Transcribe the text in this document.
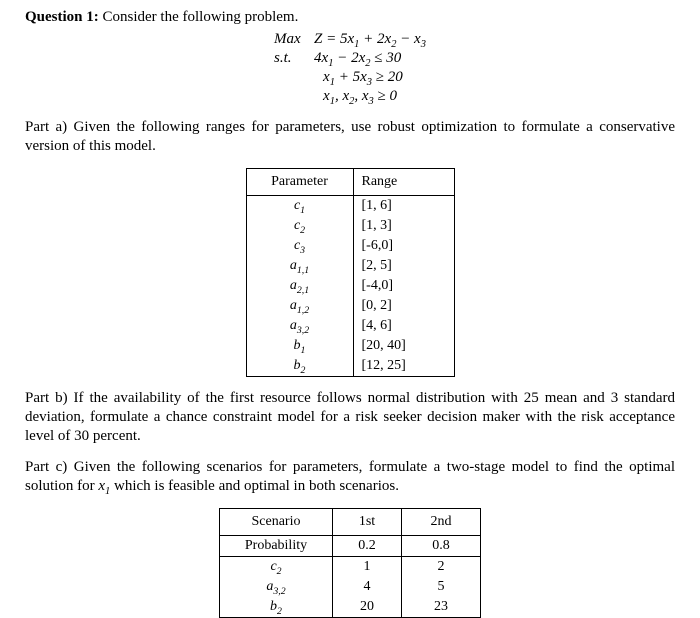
Question 1: Consider the following problem.

Max $Z = 5x_1 + 2x_2 - x_3$
s.t.	$4x_1 - 2x_2 \le 30$
$x_1 + 5x_3 \ge 20$
$x_1$, $x_2$, $x_3 \ge 0$

Part a) Given the following ranges for parameters, use robust optimization to formulate a conservative version of this model.

Parameter	Range
$c_1$	[1, 6]
$c_2$	[1, 3]
$c_3$	[-6,0]
$a_{1,1}$	[2, 5]
$a_{2,1}$	[-4,0]
$a_{1,2}$	[0, 2]
$a_{3,2}$	[4, 6]
$b_1$	[20, 40]
$b_2$	[12, 25]

Part b) If the availability of the first resource follows normal distribution with 25 mean and 3 standard deviation, formulate a chance constraint model for a risk seeker decision maker with the risk acceptance level of 30 percent.

Part c) Given the following scenarios for parameters, formulate a two-stage model to find the optimal solution for $x_1$ which is feasible and optimal in both scenarios.

Scenario	1st	2nd
Probability	0.2	0.8
$c_2$	1	2
$a_{3,2}$	4	5
$b_2$	20	23
